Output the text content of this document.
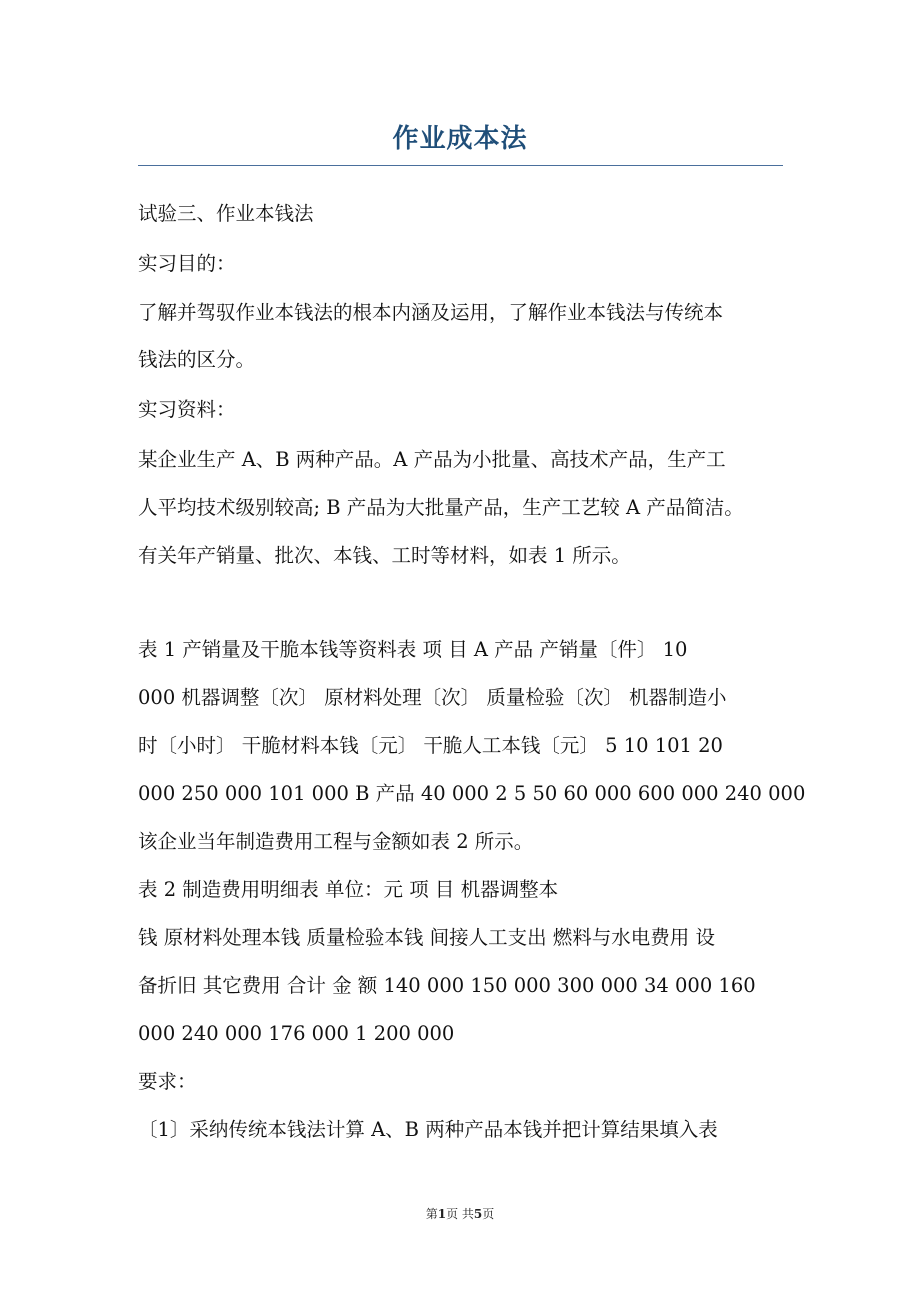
作业成本法

试验三、作业本钱法

实习目的：

了解并驾驭作业本钱法的根本内涵及运用，了解作业本钱法与传统本

钱法的区分。

实习资料：

某企业生产 A、B 两种产品。A 产品为小批量、高技术产品，生产工

人平均技术级别较高; B 产品为大批量产品，生产工艺较 A 产品简洁。

有关年产销量、批次、本钱、工时等材料，如表 1 所示。

表 1 产销量及干脆本钱等资料表 项 目 A 产品 产销量〔件〕 10

000 机器调整〔次〕 原材料处理〔次〕 质量检验〔次〕 机器制造小

时〔小时〕 干脆材料本钱〔元〕 干脆人工本钱〔元〕 5 10 101 20

000 250 000 101 000 B 产品 40 000 2 5 50 60 000 600 000 240 000

该企业当年制造费用工程与金额如表 2 所示。

表 2 制造费用明细表 单位：元 项 目 机器调整本

钱 原材料处理本钱 质量检验本钱 间接人工支出 燃料与水电费用 设

备折旧 其它费用 合计 金 额 140 000 150 000 300 000 34 000 160

000 240 000 176 000 1 200 000

要求：

〔1〕采纳传统本钱法计算 A、B 两种产品本钱并把计算结果填入表

第1页 共5页
